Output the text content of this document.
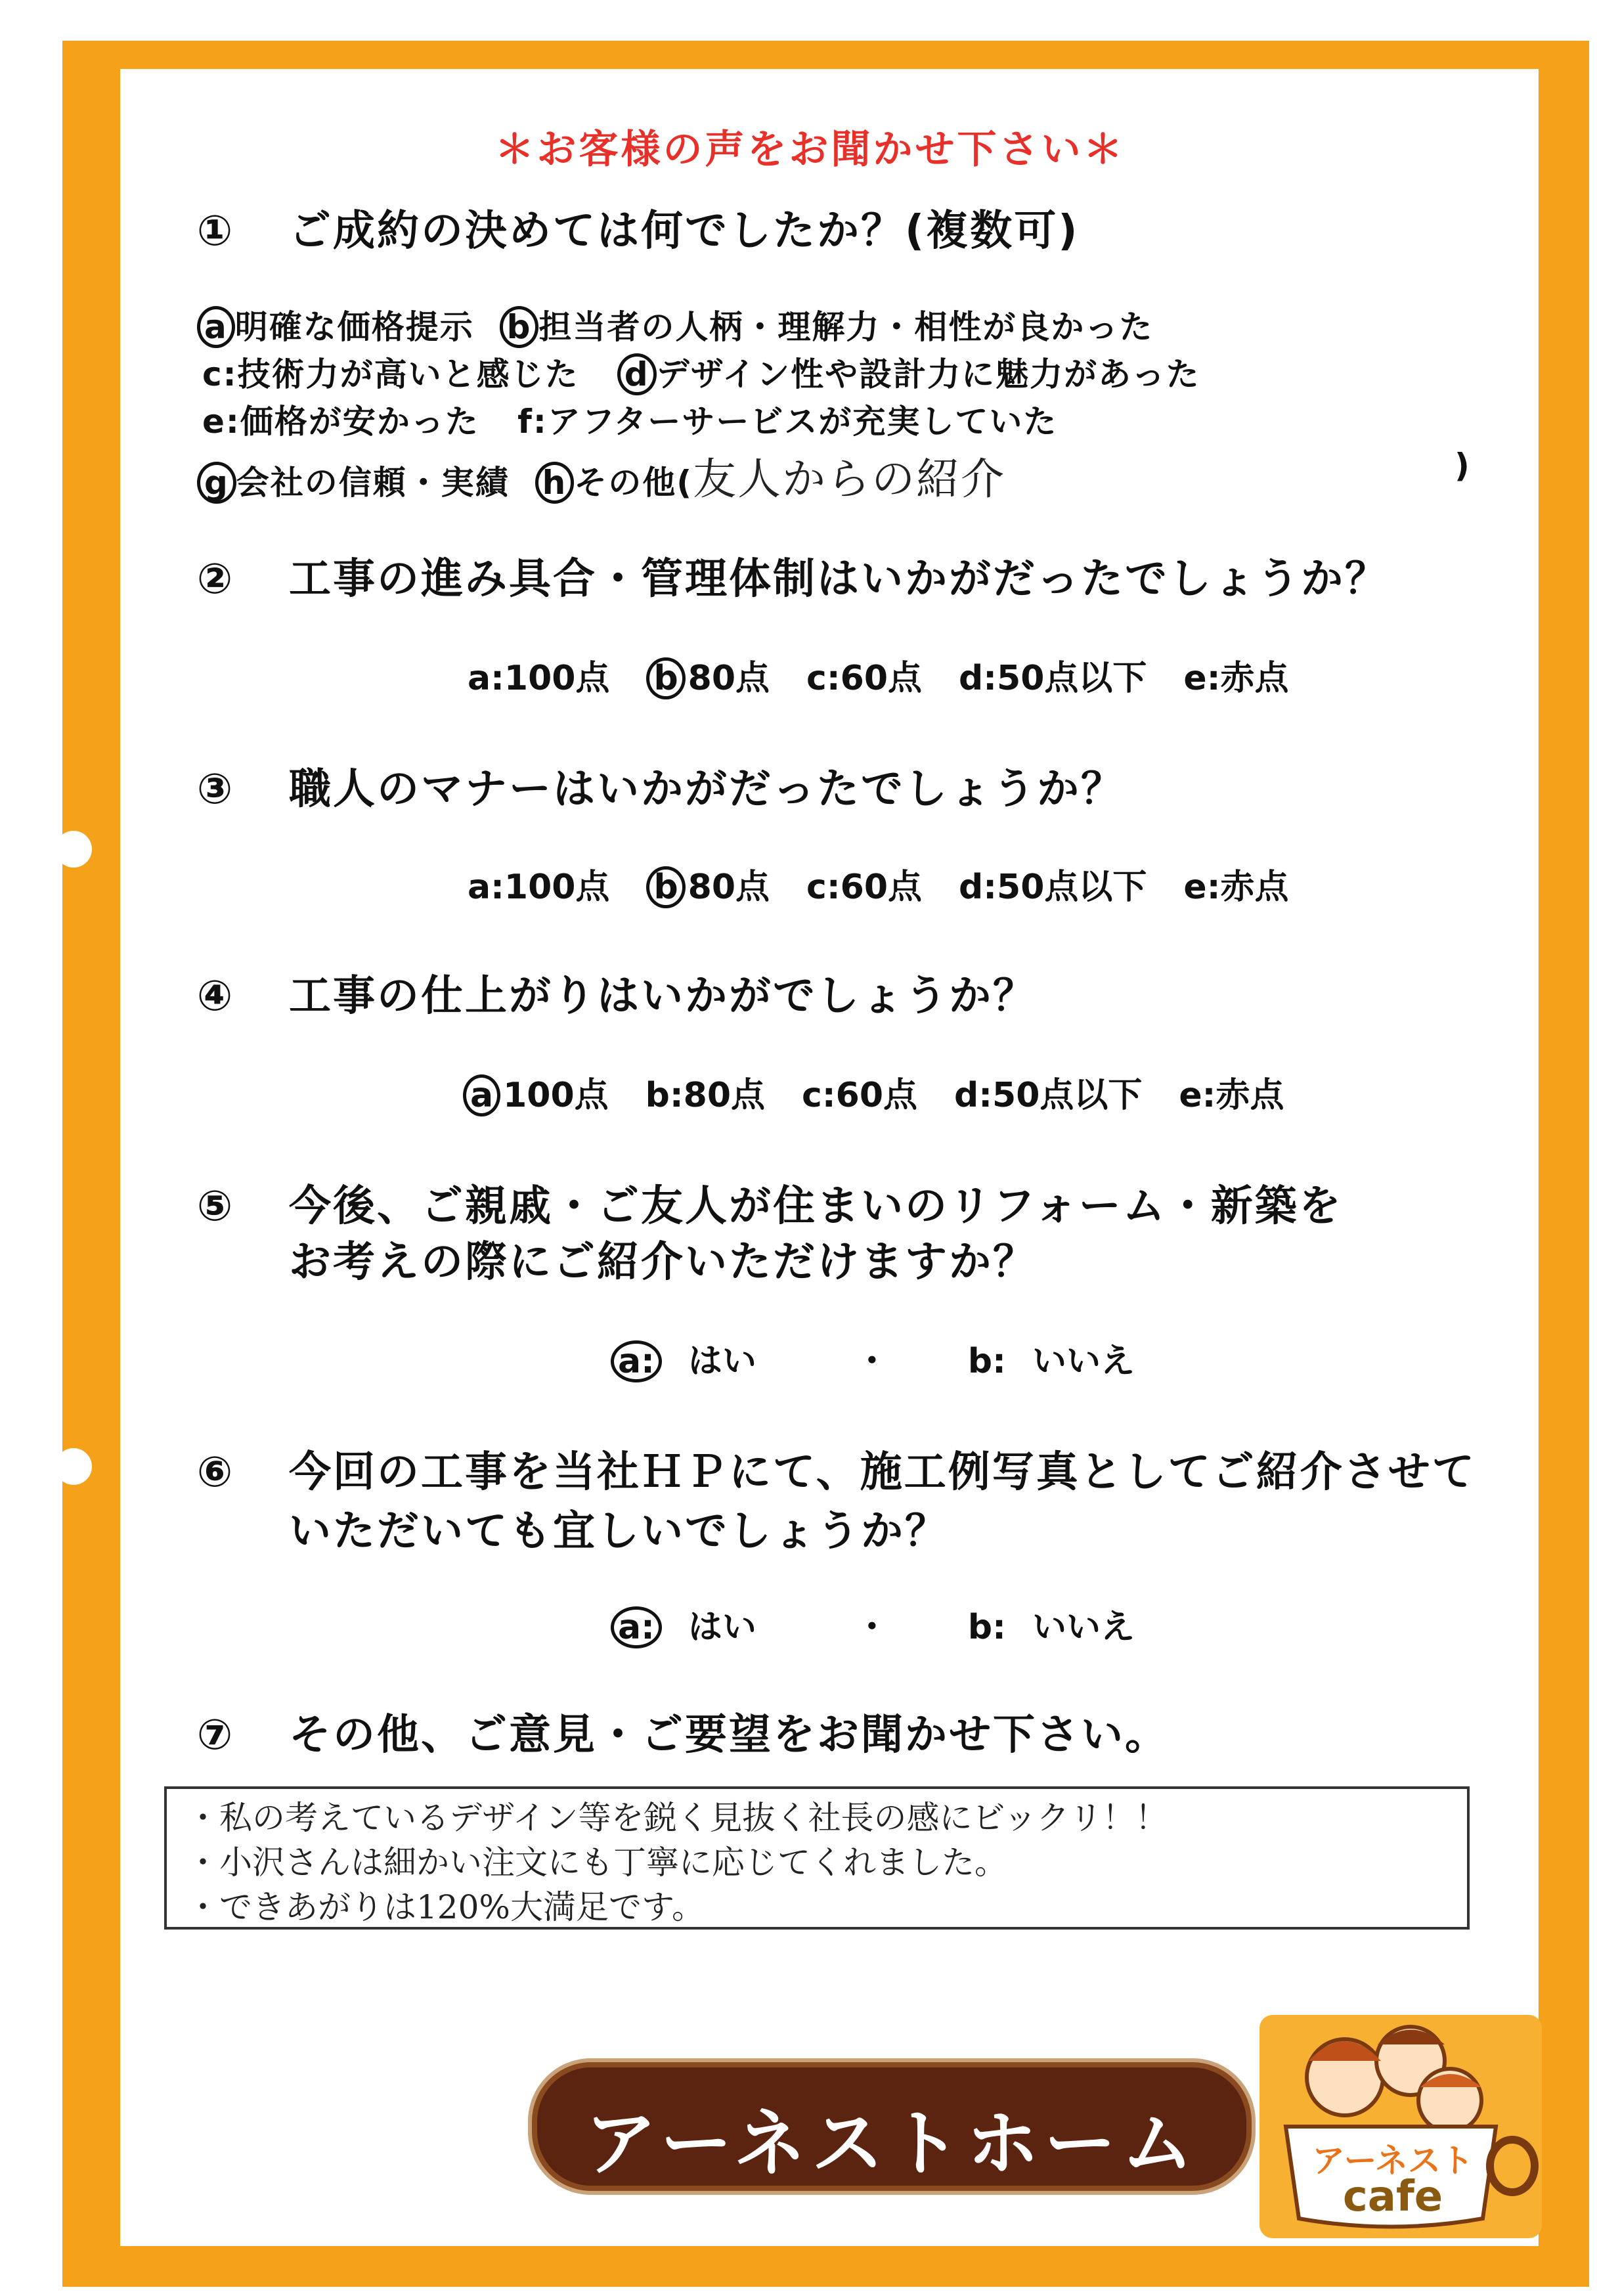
＊お客様の声をお聞かせ下さい＊
① ご成約の決めては何でしたか？(複数可)
a 明確な価格提示 b 担当者の人柄・理解力・相性が良かった
c:技術力が高いと感じた d デザイン性や設計力に魅力があった
e:価格が安かった f:アフターサービスが充実していた
g 会社の信頼・実績 h その他(友人からの紹介	)
② 工事の進み具合・管理体制はいかがだったでしょうか？
a:100点 b 80点 c:60点 d:50点以下 e:赤点
③ 職人のマナーはいかがだったでしょうか？
a:100点 b 80点 c:60点 d:50点以下 e:赤点
④ 工事の仕上がりはいかがでしょうか？
a 100点 b:80点 c:60点 d:50点以下 e:赤点
⑤ 今後、ご親戚・ご友人が住まいのリフォーム・新築を
お考えの際にご紹介いただけますか？
a: はい	・ b: いいえ
⑥ 今回の工事を当社ＨＰにて、施工例写真としてご紹介させて
いただいても宜しいでしょうか？
a: はい	・ b: いいえ
⑦ その他、ご意見・ご要望をお聞かせ下さい。
・私の考えているデザイン等を鋭く見抜く社長の感にビックリ！！
・小沢さんは細かい注文にも丁寧に応じてくれました。
・できあがりは120%大満足です。
アーネストホーム	アーネスト
cafe
